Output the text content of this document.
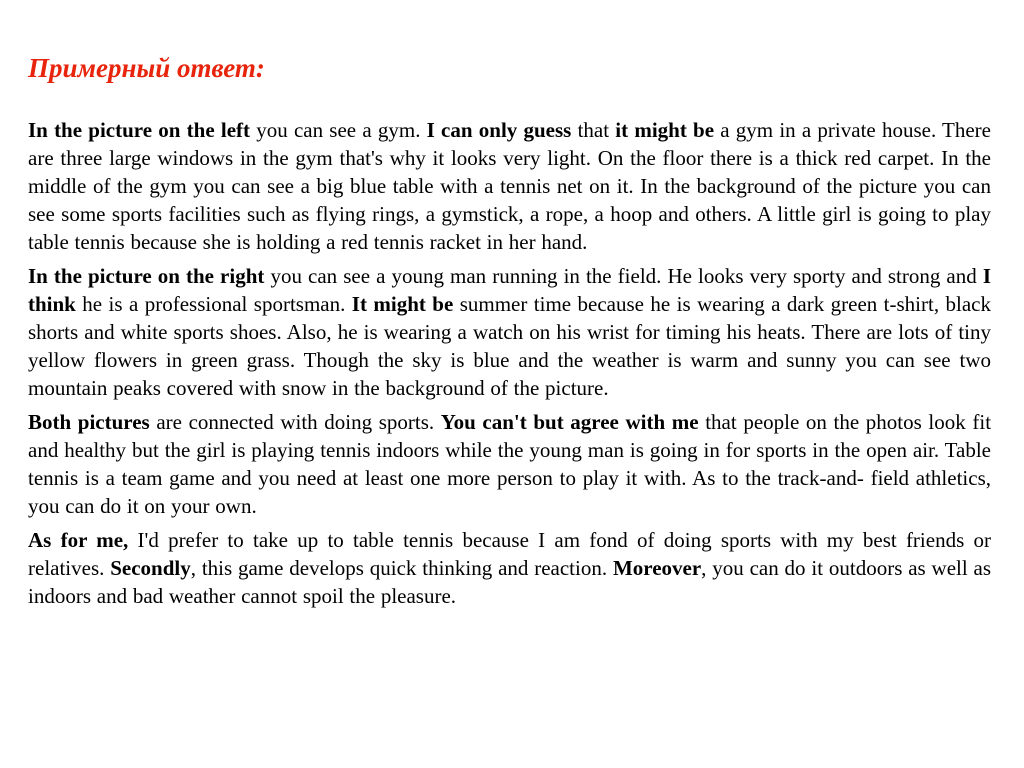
Примерный ответ:

In the picture on the left you can see a gym. I can only guess that it might be a gym in a private house. There are three large windows in the gym that's why it looks very light. On the floor there is a thick red carpet. In the middle of the gym you can see a big blue table with a tennis net on it. In the background of the picture you can see some sports facilities such as flying rings, a gymstick, a rope, a hoop and others. A little girl is going to play table tennis because she is holding a red tennis racket in her hand.

In the picture on the right you can see a young man running in the field. He looks very sporty and strong and I think he is a professional sportsman. It might be summer time because he is wearing a dark green t-shirt, black shorts and white sports shoes. Also, he is wearing a watch on his wrist for timing his heats. There are lots of tiny yellow flowers in green grass. Though the sky is blue and the weather is warm and sunny you can see two mountain peaks covered with snow in the background of the picture.

Both pictures are connected with doing sports. You can't but agree with me that people on the photos look fit and healthy but the girl is playing tennis indoors while the young man is going in for sports in the open air. Table tennis is a team game and you need at least one more person to play it with. As to the track-and- field athletics, you can do it on your own.

As for me, I'd prefer to take up to table tennis because I am fond of doing sports with my best friends or relatives. Secondly, this game develops quick thinking and reaction. Moreover, you can do it outdoors as well as indoors and bad weather cannot spoil the pleasure.
